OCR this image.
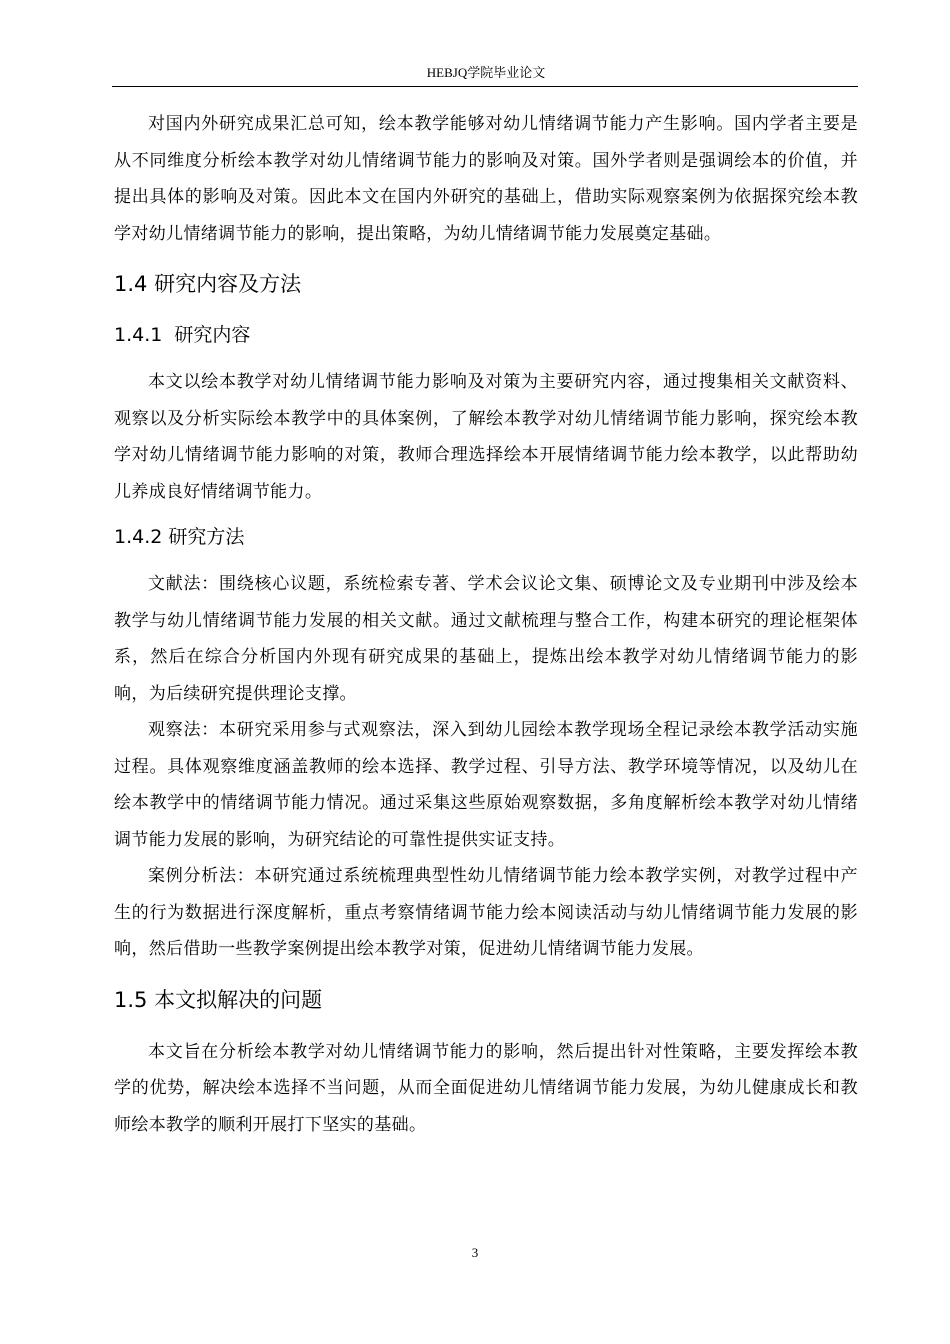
HEBJQ学院毕业论文

对国内外研究成果汇总可知，绘本教学能够对幼儿情绪调节能力产生影响。国内学者主要是从不同维度分析绘本教学对幼儿情绪调节能力的影响及对策。国外学者则是强调绘本的价值，并提出具体的影响及对策。因此本文在国内外研究的基础上，借助实际观察案例为依据探究绘本教学对幼儿情绪调节能力的影响，提出策略，为幼儿情绪调节能力发展奠定基础。

1.4 研究内容及方法
1.4.1 研究内容

本文以绘本教学对幼儿情绪调节能力影响及对策为主要研究内容，通过搜集相关文献资料、观察以及分析实际绘本教学中的具体案例，了解绘本教学对幼儿情绪调节能力影响，探究绘本教学对幼儿情绪调节能力影响的对策，教师合理选择绘本开展情绪调节能力绘本教学，以此帮助幼儿养成良好情绪调节能力。

1.4.2 研究方法

文献法：围绕核心议题，系统检索专著、学术会议论文集、硕博论文及专业期刊中涉及绘本教学与幼儿情绪调节能力发展的相关文献。通过文献梳理与整合工作，构建本研究的理论框架体系，然后在综合分析国内外现有研究成果的基础上，提炼出绘本教学对幼儿情绪调节能力的影响，为后续研究提供理论支撑。

观察法：本研究采用参与式观察法，深入到幼儿园绘本教学现场全程记录绘本教学活动实施过程。具体观察维度涵盖教师的绘本选择、教学过程、引导方法、教学环境等情况，以及幼儿在绘本教学中的情绪调节能力情况。通过采集这些原始观察数据，多角度解析绘本教学对幼儿情绪调节能力发展的影响，为研究结论的可靠性提供实证支持。

案例分析法：本研究通过系统梳理典型性幼儿情绪调节能力绘本教学实例，对教学过程中产生的行为数据进行深度解析，重点考察情绪调节能力绘本阅读活动与幼儿情绪调节能力发展的影响，然后借助一些教学案例提出绘本教学对策，促进幼儿情绪调节能力发展。

1.5 本文拟解决的问题

本文旨在分析绘本教学对幼儿情绪调节能力的影响，然后提出针对性策略，主要发挥绘本教学的优势，解决绘本选择不当问题，从而全面促进幼儿情绪调节能力发展，为幼儿健康成长和教师绘本教学的顺利开展打下坚实的基础。

3
